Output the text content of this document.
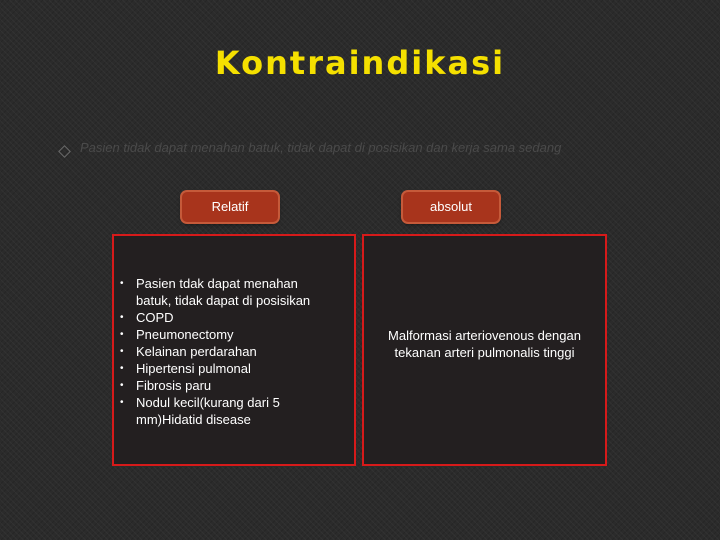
Kontraindikasi
Pasien tidak dapat menahan batuk, tidak dapat di posisikan dan kerja sama sedang
Relatif	absolut
• Pasien tdak dapat menahan batuk, tidak dapat di posisikan
• COPD
• Pneumonectomy
• Kelainan perdarahan
• Hipertensi pulmonal
• Fibrosis paru
• Nodul kecil(kurang dari 5 mm)Hidatid disease
Malformasi arteriovenous dengan tekanan arteri pulmonalis tinggi
